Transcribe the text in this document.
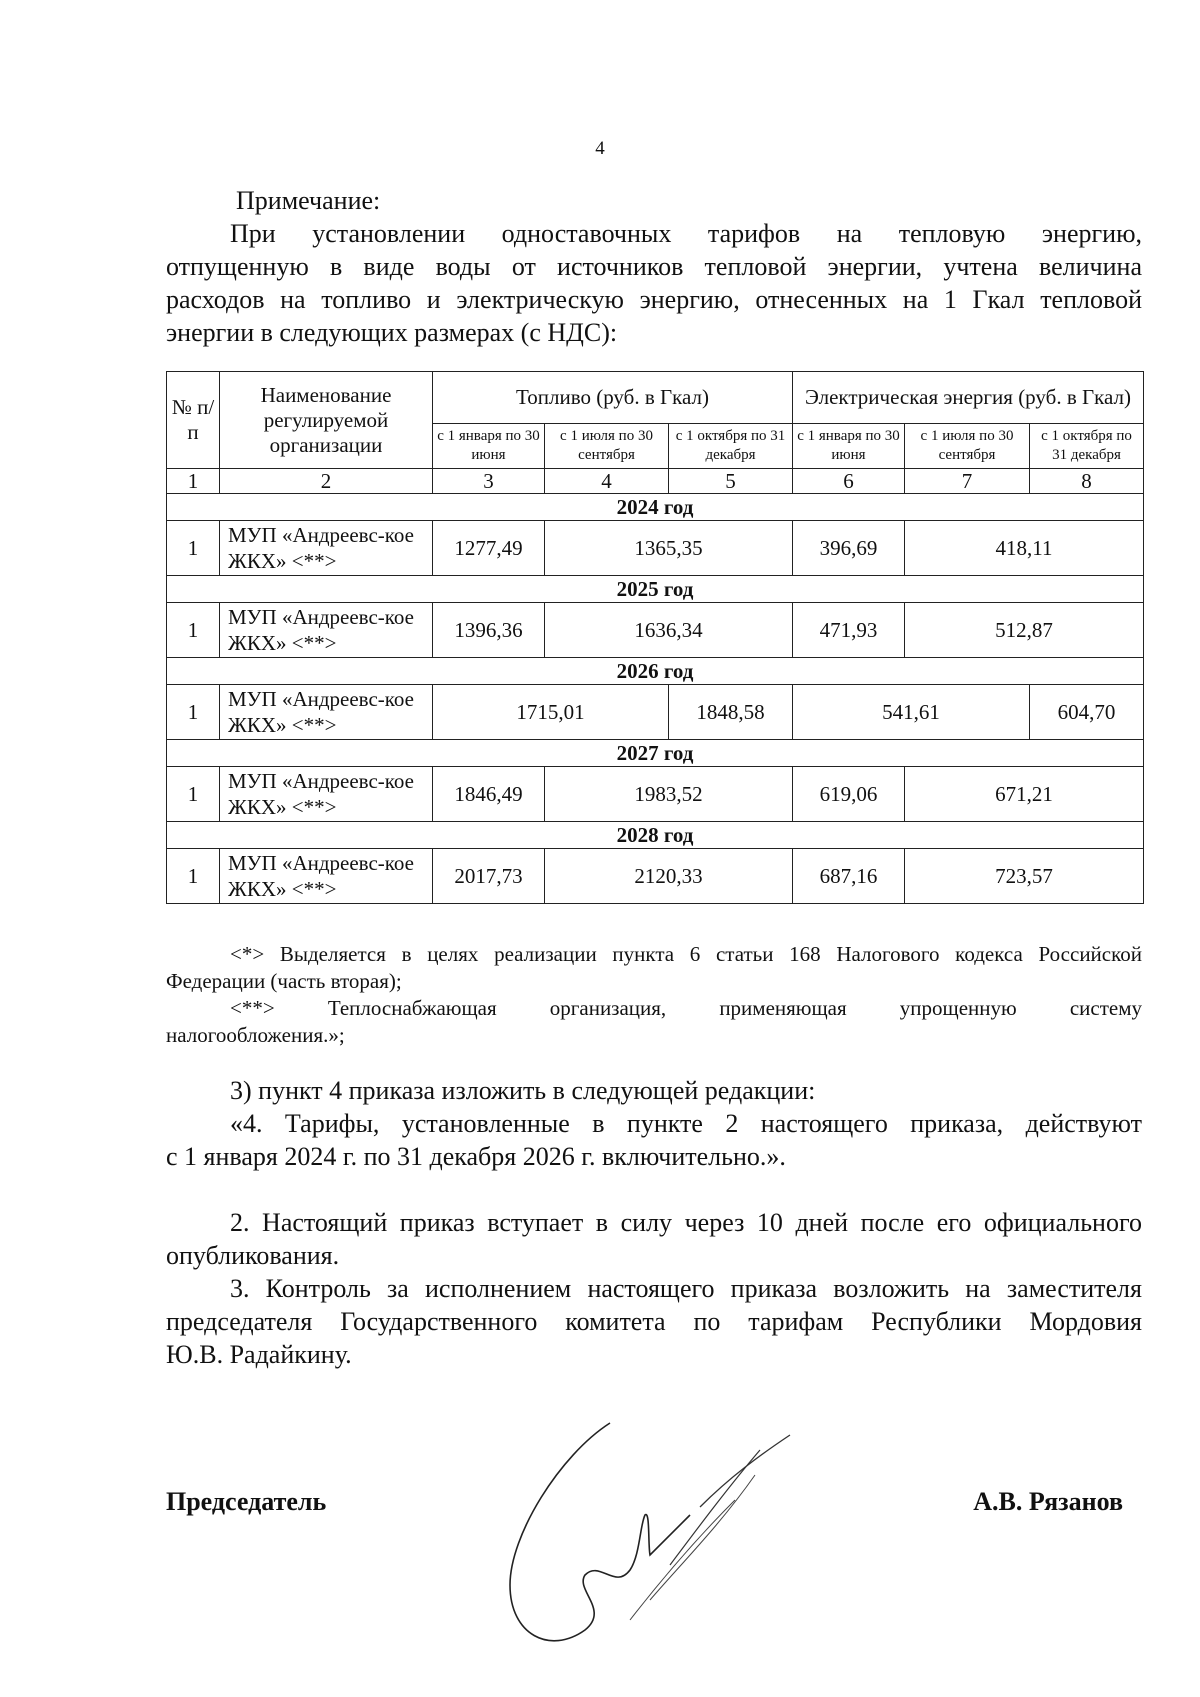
4

Примечание:

При установлении одноставочных тарифов на тепловую энергию,

отпущенную в виде воды от источников тепловой энергии, учтена величина

расходов на топливо и электрическую энергию, отнесенных на 1 Гкал тепловой

энергии в следующих размерах (с НДС):

№ п/п	Наименование регулируемой организации	Топливо (руб. в Гкал)			Электрическая энергия (руб. в Гкал)		
		с 1 января по 30 июня	с 1 июля по 30 сентября	с 1 октября по 31 декабря	с 1 января по 30 июня	с 1 июля по 30 сентября	с 1 октября по 31 декабря
1	2	3	4	5	6	7	8
2024 год							
1	МУП «Андреевс-кое ЖКХ» <**>	1277,49	1365,35		396,69	418,11	
2025 год							
1	МУП «Андреевс-кое ЖКХ» <**>	1396,36	1636,34		471,93	512,87	
2026 год							
1	МУП «Андреевс-кое ЖКХ» <**>	1715,01		1848,58	541,61		604,70
2027 год							
1	МУП «Андреевс-кое ЖКХ» <**>	1846,49	1983,52		619,06	671,21	
2028 год							
1	МУП «Андреевс-кое ЖКХ» <**>	2017,73	2120,33		687,16	723,57	

<*> Выделяется в целях реализации пункта 6 статьи 168 Налогового кодекса Российской

Федерации (часть вторая);

<**> Теплоснабжающая организация, применяющая упрощенную систему

налогообложения.»;

3) пункт 4 приказа изложить в следующей редакции:

«4. Тарифы, установленные в пункте 2 настоящего приказа, действуют

с 1 января 2024 г. по 31 декабря 2026 г. включительно.».

2. Настоящий приказ вступает в силу через 10 дней после его официального

опубликования.

3. Контроль за исполнением настоящего приказа возложить на заместителя

председателя Государственного комитета по тарифам Республики Мордовия

Ю.В. Радайкину.

Председатель	А.В. Рязанов
